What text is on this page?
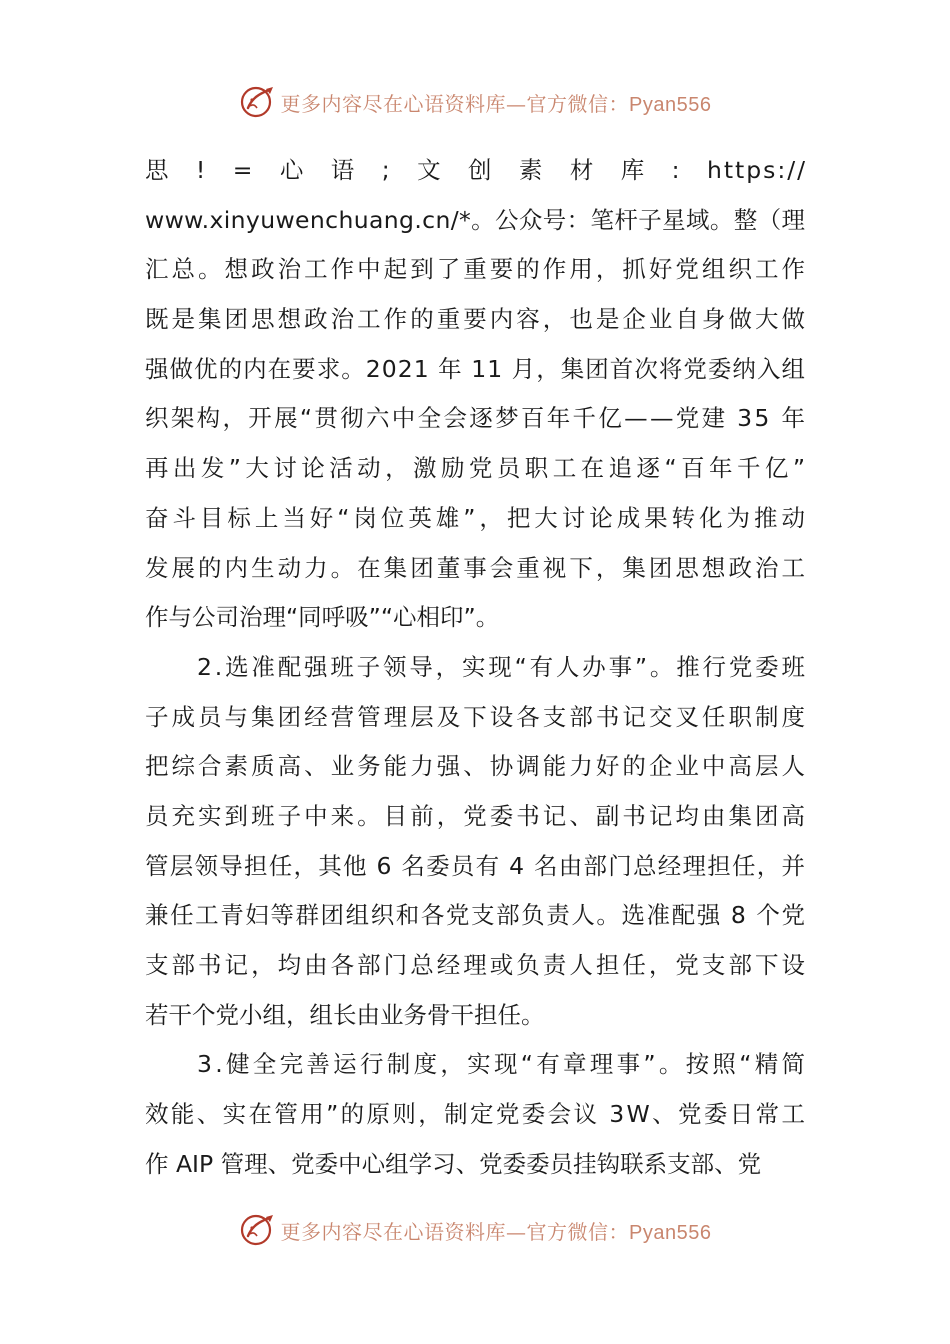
更多内容尽在心语资料库—官方微信：Pyan556
思　!　=　心　语　;　文　创　素　材　库　:　https://
www.xinyuwenchuang.cn/*。公众号：笔杆子星域。整（理
汇总。想政治工作中起到了重要的作用，抓好党组织工作
既是集团思想政治工作的重要内容，也是企业自身做大做
强做优的内在要求。2021 年 11 月，集团首次将党委纳入组
织架构，开展“贯彻六中全会逐梦百年千亿——党建 35 年
再出发”大讨论活动，激励党员职工在追逐“百年千亿”
奋斗目标上当好“岗位英雄”，把大讨论成果转化为推动
发展的内生动力。在集团董事会重视下，集团思想政治工
作与公司治理“同呼吸”“心相印”。
2.选准配强班子领导，实现“有人办事”。推行党委班
子成员与集团经营管理层及下设各支部书记交叉任职制度
把综合素质高、业务能力强、协调能力好的企业中高层人
员充实到班子中来。目前，党委书记、副书记均由集团高
管层领导担任，其他 6 名委员有 4 名由部门总经理担任，并
兼任工青妇等群团组织和各党支部负责人。选准配强 8 个党
支部书记，均由各部门总经理或负责人担任，党支部下设
若干个党小组，组长由业务骨干担任。
3.健全完善运行制度，实现“有章理事”。按照“精简
效能、实在管用”的原则，制定党委会议 3W、党委日常工
作 AIP 管理、党委中心组学习、党委委员挂钩联系支部、党
更多内容尽在心语资料库—官方微信：Pyan556
